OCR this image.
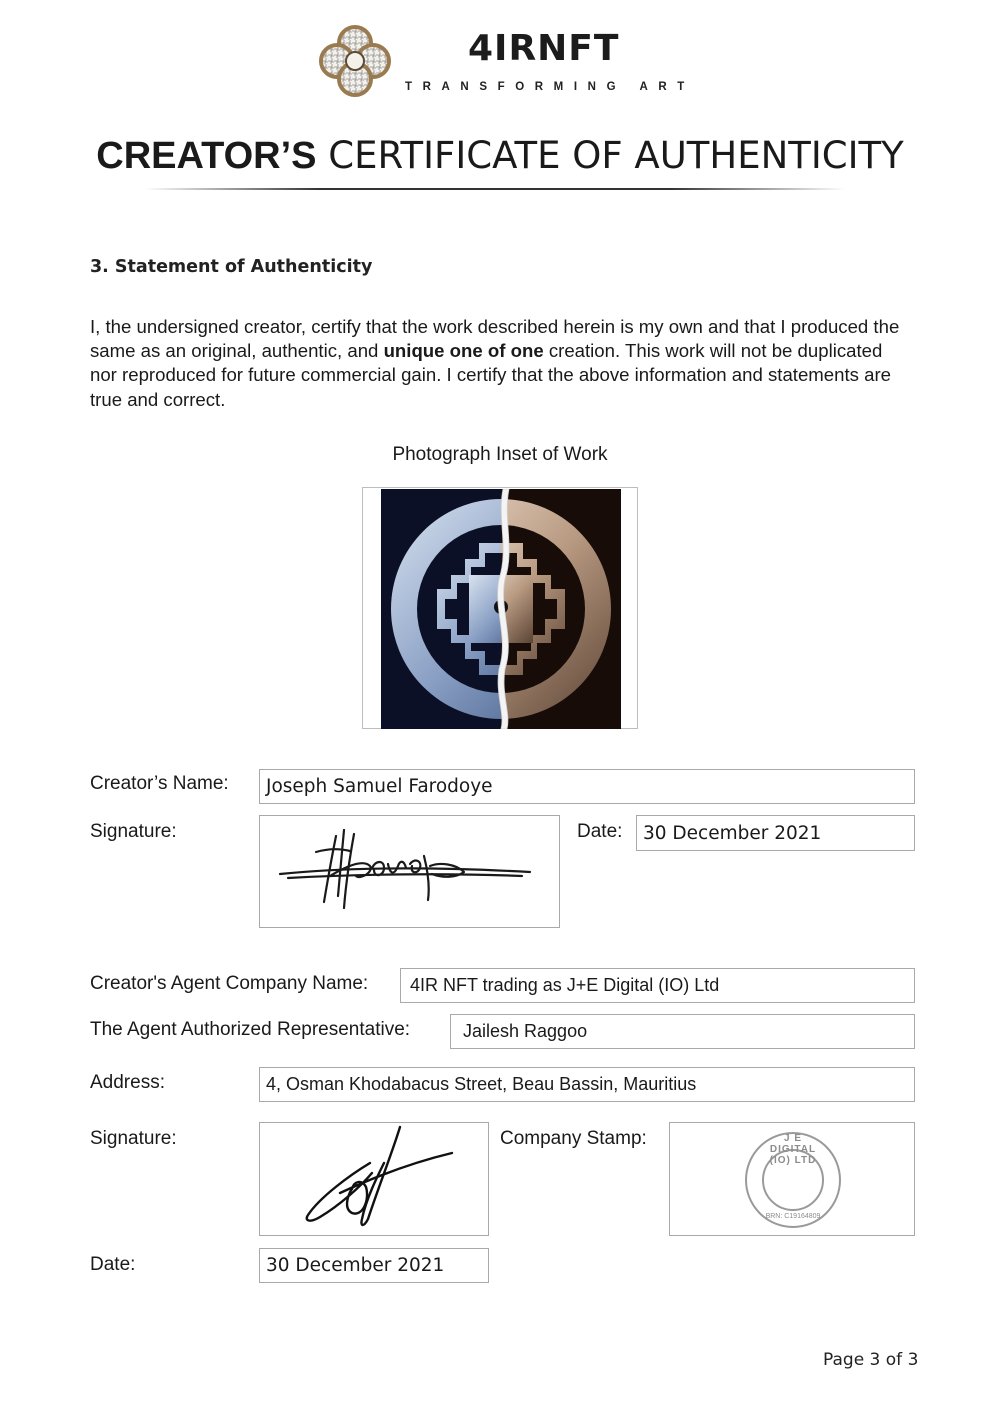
4IRNFT
TRANSFORMING ART
CREATOR’S CERTIFICATE OF AUTHENTICITY
3. Statement of Authenticity
I, the undersigned creator, certify that the work described herein is my own and that I produced the same as an original, authentic, and unique one of one creation. This work will not be duplicated nor reproduced for future commercial gain. I certify that the above information and statements are true and correct.
Photograph Inset of Work
Creator’s Name:	Joseph Samuel Farodoye
Signature:	Date:	30 December 2021
Creator's Agent Company Name:	4IR NFT trading as J+E Digital (IO) Ltd
The Agent Authorized Representative:	Jailesh Raggoo
Address:	4, Osman Khodabacus Street, Beau Bassin, Mauritius
Signature:	Company Stamp:	J E DIGITAL (IO) LTD
BRN: C19164809
Date:	30 December 2021
Page 3 of 3
